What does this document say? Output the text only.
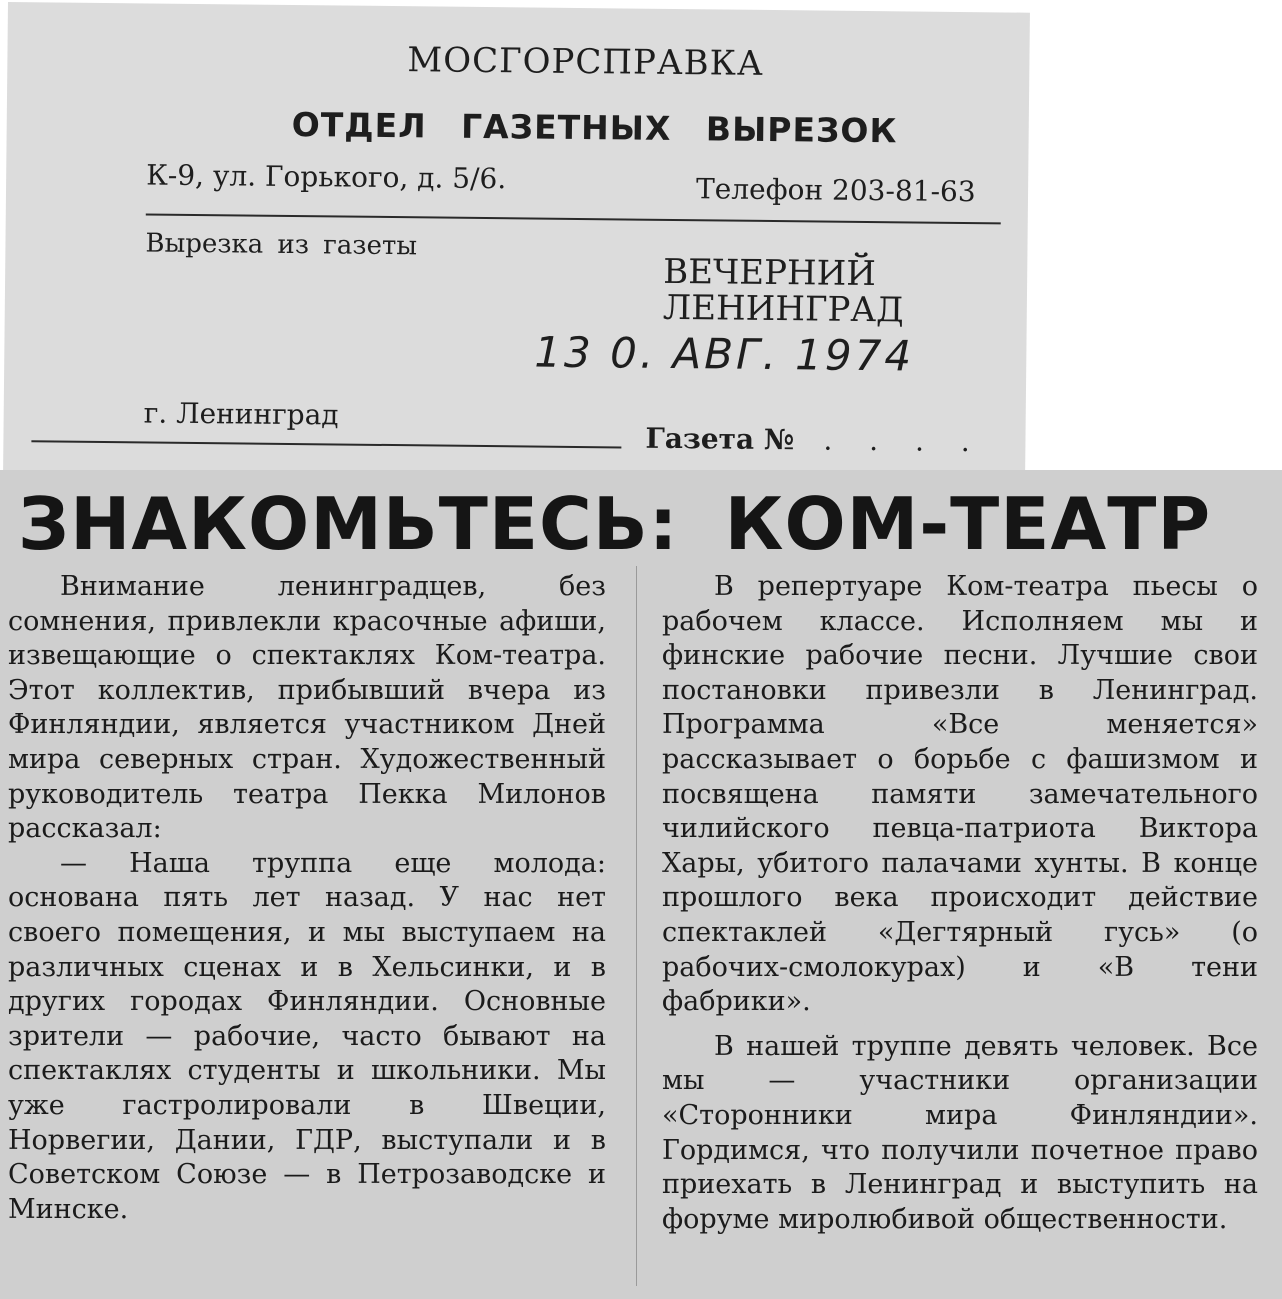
МОСГОРСПРАВКА
ОТДЕЛ ГАЗЕТНЫХ ВЫРЕЗОК
К-9, ул. Горького, д. 5/6.	Телефон 203-81-63
Вырезка из газеты
ВЕЧЕРНИЙ
ЛЕНИНГРАД
13 0. АВГ. 1974
г. Ленинград
Газета № . . . .
ЗНАКОМЬТЕСЬ: КОМ-ТЕАТР

Внимание ленинградцев, без сомнения, привлекли красочные афиши, извещающие о спектаклях Ком-театра. Этот коллектив, прибывший вчера из Финляндии, является участником Дней мира северных стран. Художественный руководитель театра Пекка Милонов рассказал:

— Наша труппа еще молода: основана пять лет назад. У нас нет своего помещения, и мы выступаем на различных сценах и в Хельсинки, и в других городах Финляндии. Основные зрители — рабочие, часто бывают на спектаклях студенты и школьники. Мы уже гастролировали в Швеции, Норвегии, Дании, ГДР, выступали и в Советском Союзе — в Петрозаводске и Минске.

В репертуаре Ком-театра пьесы о рабочем классе. Исполняем мы и финские рабочие песни. Лучшие свои постановки привезли в Ленинград. Программа «Все меняется» рассказывает о борьбе с фашизмом и посвящена памяти замечательного чилийского певца-патриота Виктора Хары, убитого палачами хунты. В конце прошлого века происходит действие спектаклей «Дегтярный гусь» (о рабочих-смолокурах) и «В тени фабрики».

В нашей труппе девять человек. Все мы — участники организации «Сторонники мира Финляндии». Гордимся, что получили почетное право приехать в Ленинград и выступить на форуме миролюбивой общественности.
